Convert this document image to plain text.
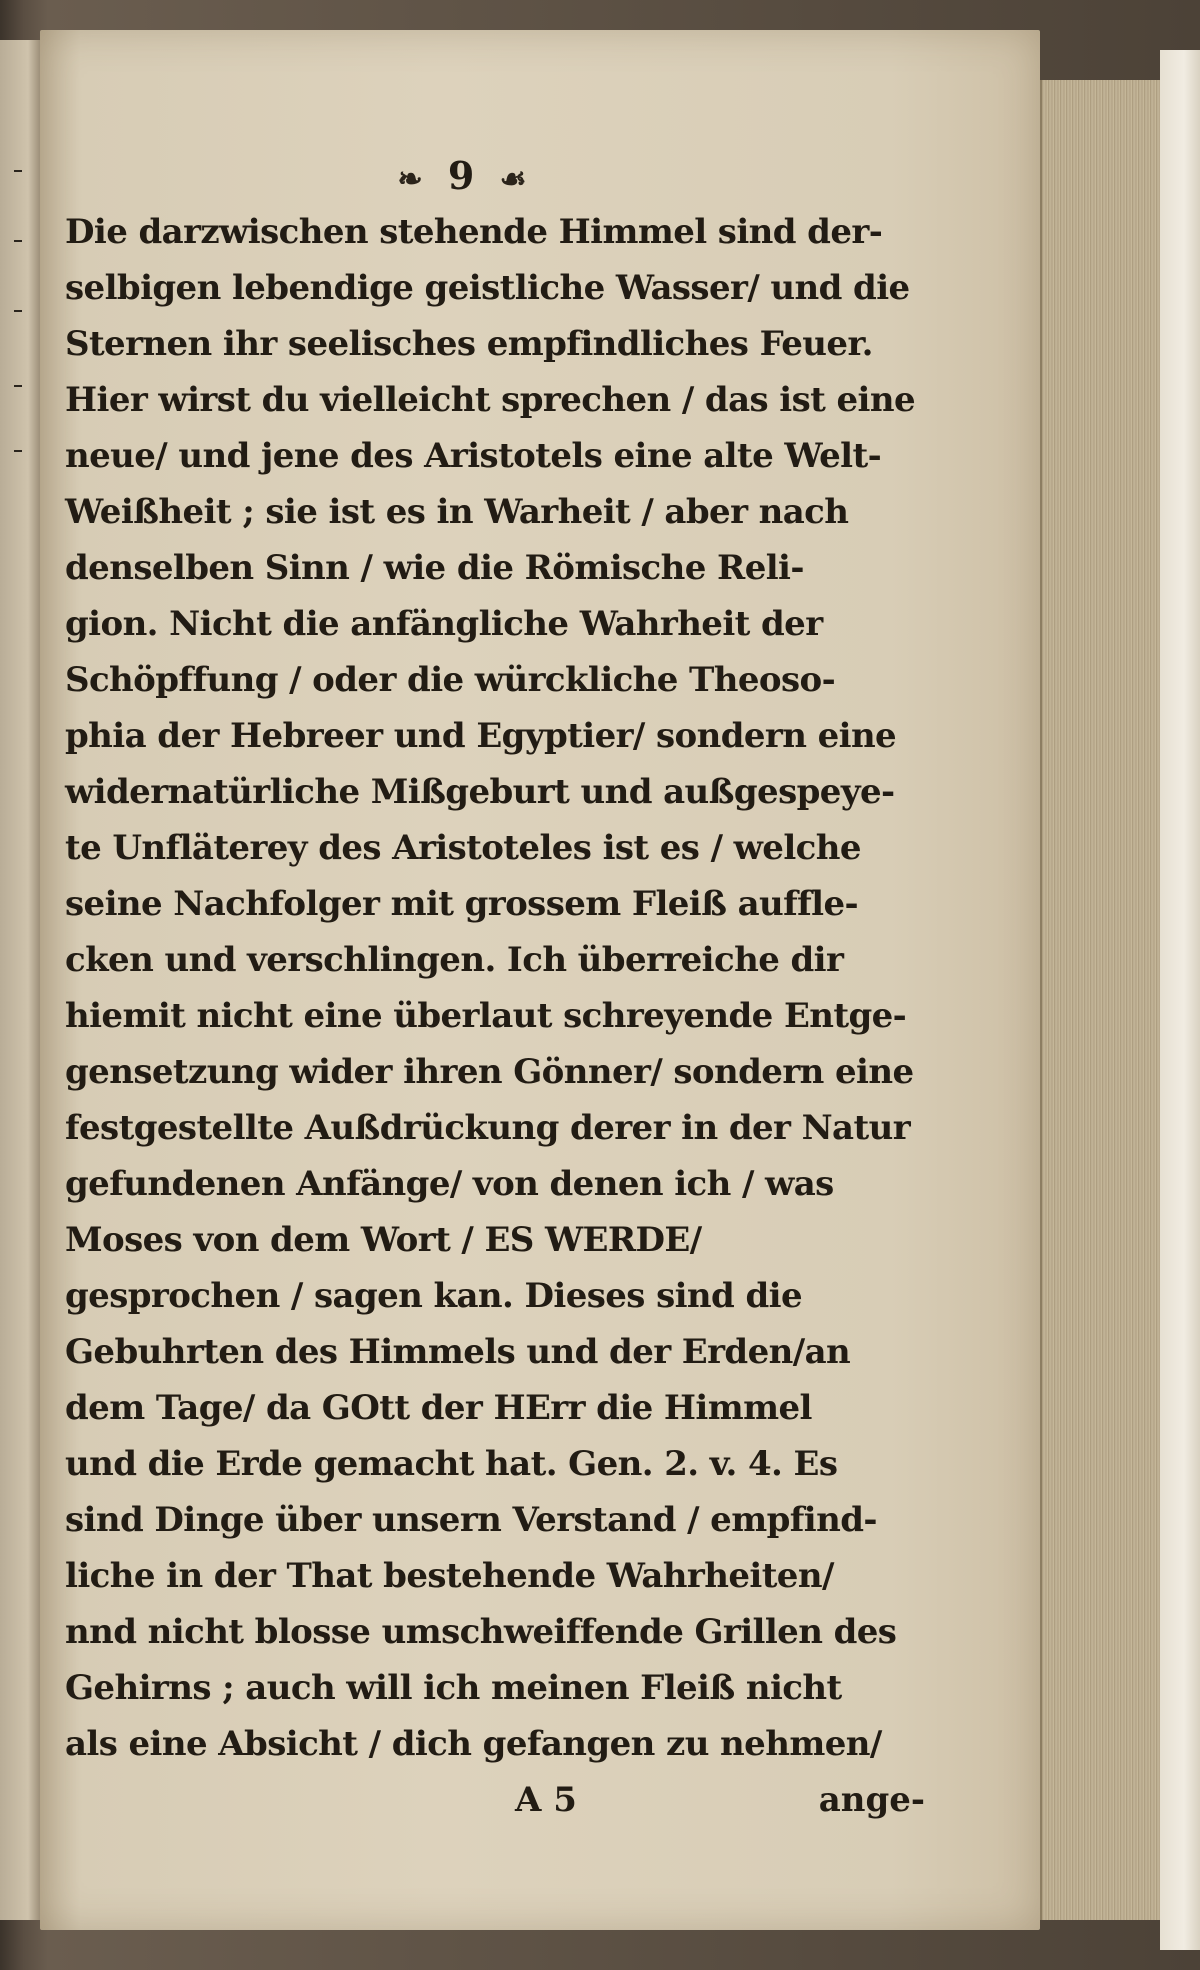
❧ 9 ☙
Die darzwischen stehende Himmel sind der-
selbigen lebendige geistliche Wasser/ und die
Sternen ihr seelisches empfindliches Feuer.
Hier wirst du vielleicht sprechen / das ist eine
neue/ und jene des Aristotels eine alte Welt-
Weißheit ; sie ist es in Warheit / aber nach
denselben Sinn / wie die Römische Reli-
gion. Nicht die anfängliche Wahrheit der
Schöpffung / oder die würckliche Theoso-
phia der Hebreer und Egyptier/ sondern eine
widernatürliche Mißgeburt und außgespeye-
te Unfläterey des Aristoteles ist es / welche
seine Nachfolger mit grossem Fleiß auffle-
cken und verschlingen. Ich überreiche dir
hiemit nicht eine überlaut schreyende Entge-
gensetzung wider ihren Gönner/ sondern eine
festgestellte Außdrückung derer in der Natur
gefundenen Anfänge/ von denen ich / was
Moses von dem Wort / ES WERDE/
gesprochen / sagen kan. Dieses sind die
Gebuhrten des Himmels und der Erden/an
dem Tage/ da GOtt der HErr die Himmel
und die Erde gemacht hat. Gen. 2. v. 4. Es
sind Dinge über unsern Verstand / empfind-
liche in der That bestehende Wahrheiten/
nnd nicht blosse umschweiffende Grillen des
Gehirns ; auch will ich meinen Fleiß nicht
als eine Absicht / dich gefangen zu nehmen/
A 5	ange-
